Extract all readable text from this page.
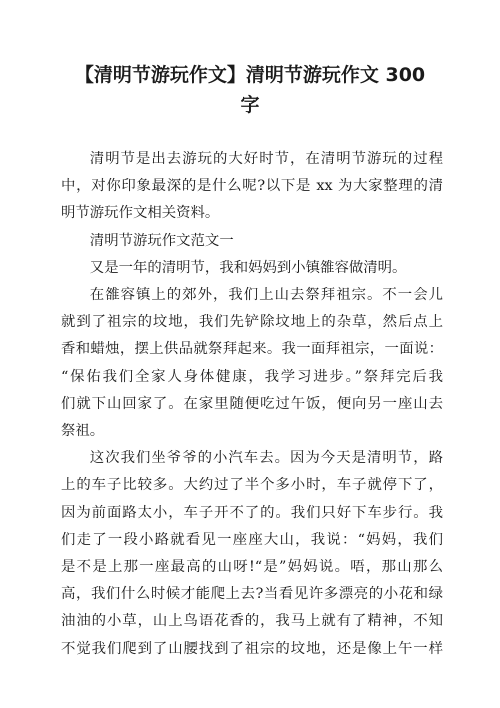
【清明节游玩作文】清明节游玩作文 300
字

清明节是出去游玩的大好时节，在清明节游玩的过程
中，对你印象最深的是什么呢?以下是 xx 为大家整理的清
明节游玩作文相关资料。

清明节游玩作文范文一

又是一年的清明节，我和妈妈到小镇雒容做清明。

在雒容镇上的郊外，我们上山去祭拜祖宗。不一会儿
就到了祖宗的坟地，我们先铲除坟地上的杂草，然后点上
香和蜡烛，摆上供品就祭拜起来。我一面拜祖宗，一面说：
“保佑我们全家人身体健康，我学习进步。”祭拜完后我
们就下山回家了。在家里随便吃过午饭，便向另一座山去
祭祖。

这次我们坐爷爷的小汽车去。因为今天是清明节，路
上的车子比较多。大约过了半个多小时，车子就停下了，
因为前面路太小，车子开不了的。我们只好下车步行。我
们走了一段小路就看见一座座大山，我说：“妈妈，我们
是不是上那一座最高的山呀!“是”妈妈说。唔，那山那么
高，我们什么时候才能爬上去?当看见许多漂亮的小花和绿
油油的小草，山上鸟语花香的，我马上就有了精神，不知
不觉我们爬到了山腰找到了祖宗的坟地，还是像上午一样
